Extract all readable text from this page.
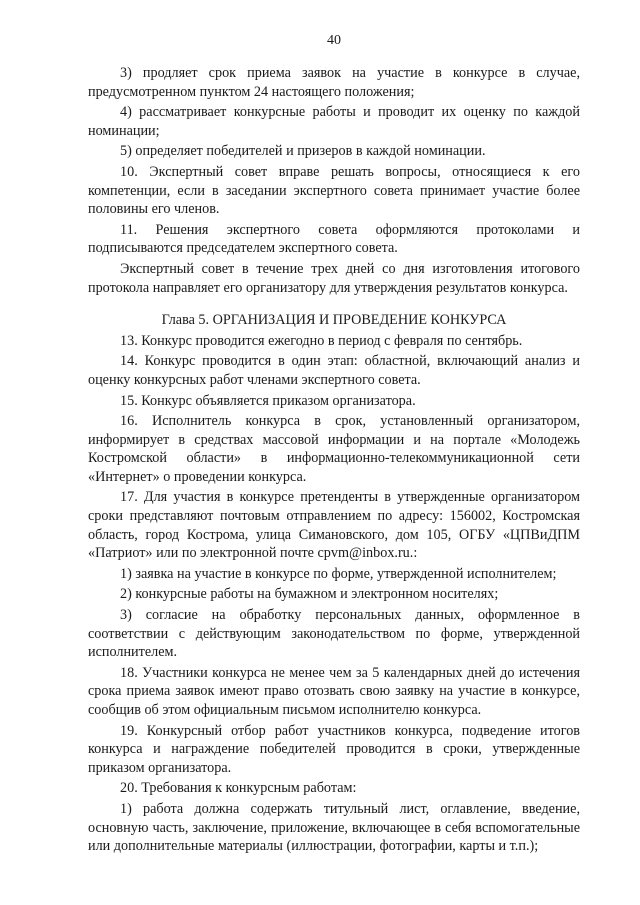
40

3) продляет срок приема заявок на участие в конкурсе в случае, предусмотренном пунктом 24 настоящего положения;

4) рассматривает конкурсные работы и проводит их оценку по каждой номинации;

5) определяет победителей и призеров в каждой номинации.

10. Экспертный совет вправе решать вопросы, относящиеся к его компетенции, если в заседании экспертного совета принимает участие более половины его членов.

11. Решения экспертного совета оформляются протоколами и подписываются председателем экспертного совета.

Экспертный совет в течение трех дней со дня изготовления итогового протокола направляет его организатору для утверждения результатов конкурса.

Глава 5. ОРГАНИЗАЦИЯ И ПРОВЕДЕНИЕ КОНКУРСА

13. Конкурс проводится ежегодно в период с февраля по сентябрь.

14. Конкурс проводится в один этап: областной, включающий анализ и оценку конкурсных работ членами экспертного совета.

15. Конкурс объявляется приказом организатора.

16. Исполнитель конкурса в срок, установленный организатором, информирует в средствах массовой информации и на портале «Молодежь Костромской области» в информационно-телекоммуникационной сети «Интернет» о проведении конкурса.

17. Для участия в конкурсе претенденты в утвержденные организатором сроки представляют почтовым отправлением по адресу: 156002, Костромская область, город Кострома, улица Симановского, дом 105, ОГБУ «ЦПВиДПМ «Патриот» или по электронной почте cpvm@inbox.ru.:

1) заявка на участие в конкурсе по форме, утвержденной исполнителем;

2) конкурсные работы на бумажном и электронном носителях;

3) согласие на обработку персональных данных, оформленное в соответствии с действующим законодательством по форме, утвержденной исполнителем.

18. Участники конкурса не менее чем за 5 календарных дней до истечения срока приема заявок имеют право отозвать свою заявку на участие в конкурсе, сообщив об этом официальным письмом исполнителю конкурса.

19. Конкурсный отбор работ участников конкурса, подведение итогов конкурса и награждение победителей проводится в сроки, утвержденные приказом организатора.

20. Требования к конкурсным работам:

1) работа должна содержать титульный лист, оглавление, введение, основную часть, заключение, приложение, включающее в себя вспомогательные или дополнительные материалы (иллюстрации, фотографии, карты и т.п.);
